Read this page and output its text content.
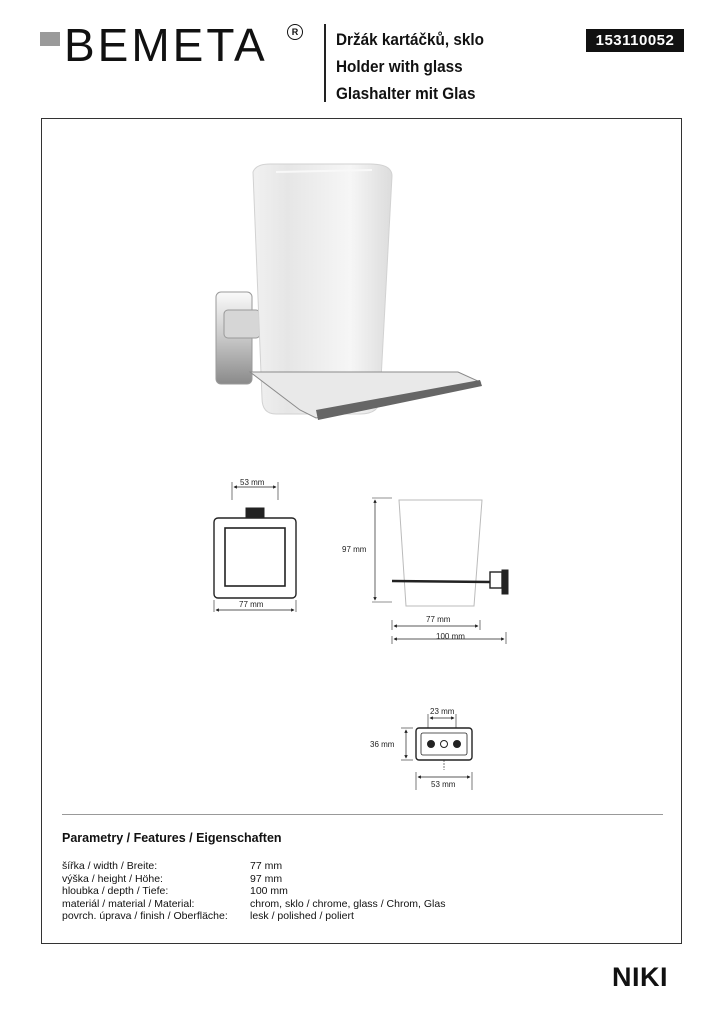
BEMETA	R Držák kartáčků, sklo
Holder with glass
Glashalter mit Glas
153110052
53 mm
77 mm
97 mm
77 mm
100 mm
23 mm
36 mm
53 mm
Parametry / Features / Eigenschaften
šířka / width / Breite:	77 mm
výška / height / Höhe:	97 mm
hloubka / depth / Tiefe:	100 mm
materiál / material / Material:	chrom, sklo / chrome, glass / Chrom, Glas
povrch. úprava / finish / Oberfläche:	lesk / polished / poliert
NIKI
